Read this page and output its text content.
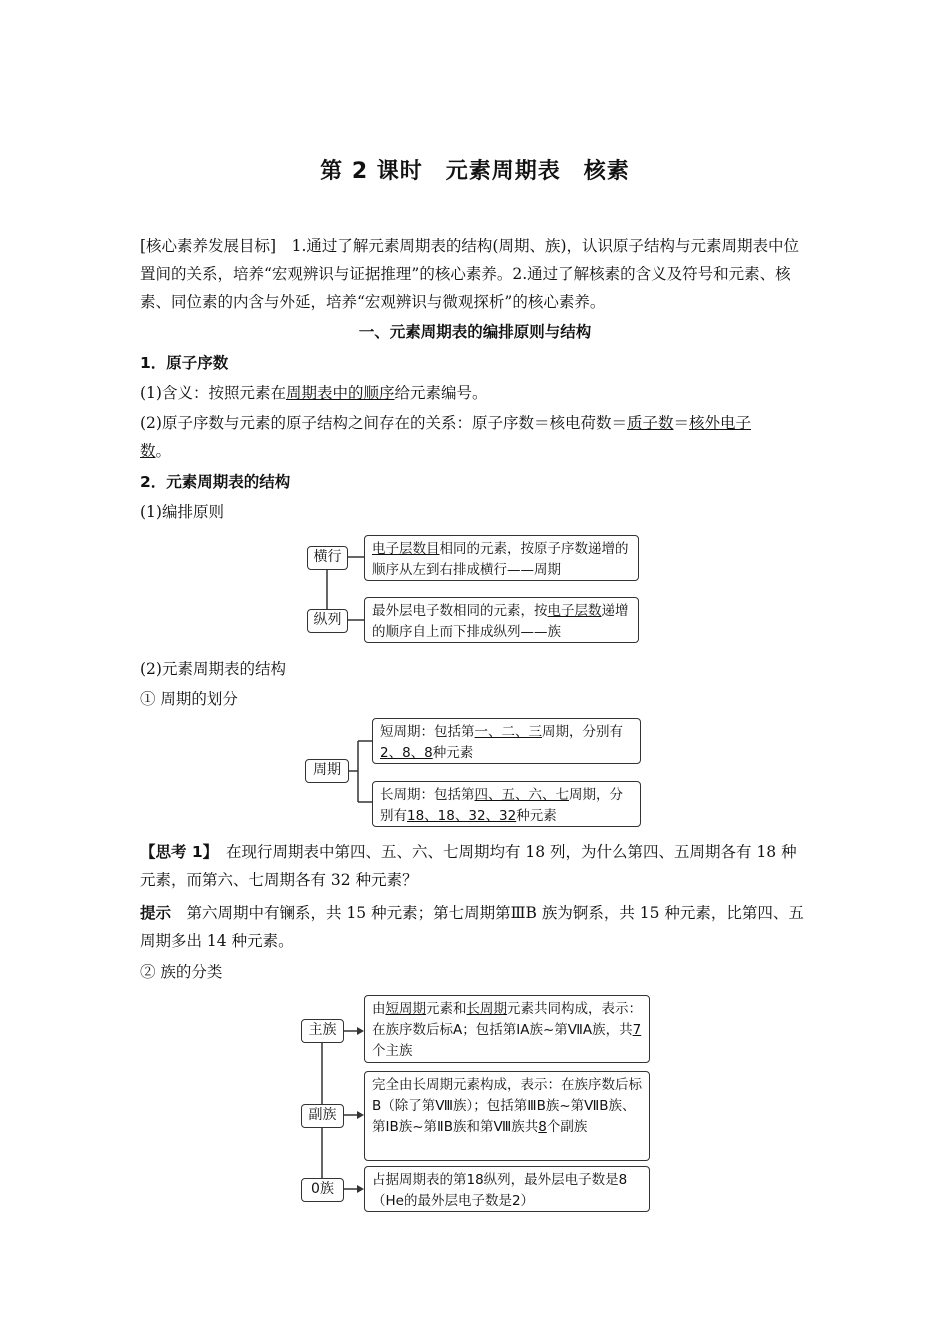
第 2 课时　元素周期表　核素
[核心素养发展目标]　1.通过了解元素周期表的结构(周期、族)，认识原子结构与元素周期表中位置间的关系，培养“宏观辨识与证据推理”的核心素养。2.通过了解核素的含义及符号和元素、核素、同位素的内含与外延，培养“宏观辨识与微观探析”的核心素养。
一、元素周期表的编排原则与结构
1．原子序数
(1)含义：按照元素在周期表中的顺序给元素编号。
(2)原子序数与元素的原子结构之间存在的关系：原子序数＝核电荷数＝质子数＝核外电子
数。
2．元素周期表的结构
(1)编排原则
横行
纵列
电子层数目相同的元素，按原子序数递增的顺序从左到右排成横行——周期
最外层电子数相同的元素，按电子层数递增的顺序自上而下排成纵列——族
(2)元素周期表的结构
① 周期的划分
周期
短周期：包括第一、二、三周期，分别有2、8、8种元素
长周期：包括第四、五、六、七周期，分别有18、18、32、32种元素
【思考 1】　在现行周期表中第四、五、六、七周期均有 18 列，为什么第四、五周期各有 18 种元素，而第六、七周期各有 32 种元素？
提示　第六周期中有镧系，共 15 种元素；第七周期第ⅢB 族为锕系，共 15 种元素，比第四、五周期多出 14 种元素。
② 族的分类
主族
副族
0族
由短周期元素和长周期元素共同构成，表示：在族序数后标A；包括第ⅠA族~第ⅦA族，共7个主族
完全由长周期元素构成，表示：在族序数后标B（除了第Ⅷ族）；包括第ⅢB族~第ⅦB族、第ⅠB族~第ⅡB族和第Ⅷ族共8个副族
占据周期表的第18纵列，最外层电子数是8（He的最外层电子数是2）
